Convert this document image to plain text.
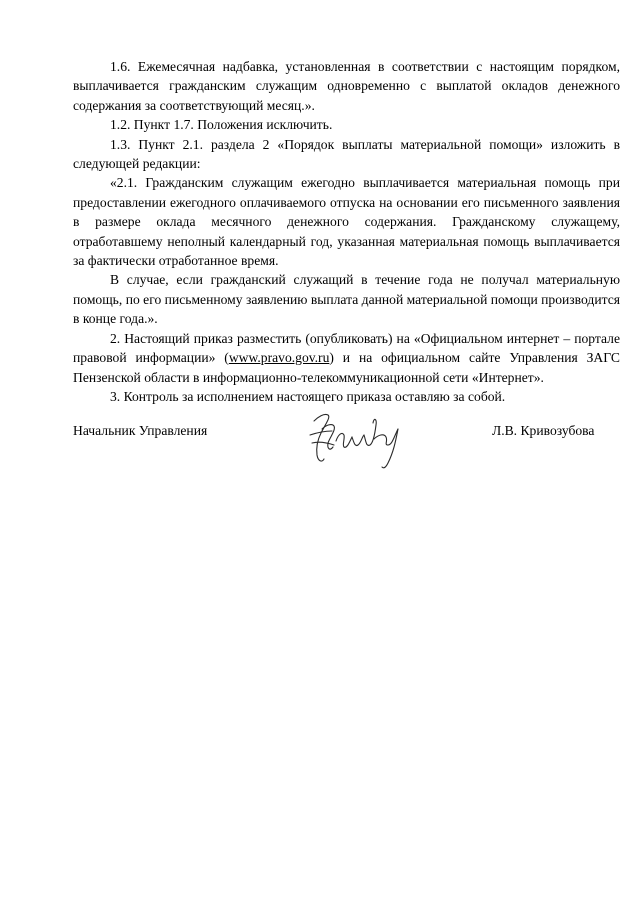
1.6. Ежемесячная надбавка, установленная в соответствии с настоящим порядком, выплачивается гражданским служащим одновременно с выплатой окладов денежного содержания за соответствующий месяц.».

1.2. Пункт 1.7. Положения исключить.

1.3. Пункт 2.1. раздела 2 «Порядок выплаты материальной помощи» изложить в следующей редакции:

«2.1. Гражданским служащим ежегодно выплачивается материальная помощь при предоставлении ежегодного оплачиваемого отпуска на основании его письменного заявления в размере оклада месячного денежного содержания. Гражданскому служащему, отработавшему неполный календарный год, указанная материальная помощь выплачивается за фактически отработанное время.

В случае, если гражданский служащий в течение года не получал материальную помощь, по его письменному заявлению выплата данной материальной помощи производится в конце года.».

2. Настоящий приказ разместить (опубликовать) на «Официальном интернет – портале правовой информации» (www.pravo.gov.ru) и на официальном сайте Управления ЗАГС Пензенской области в информационно-телекоммуникационной сети «Интернет».

3. Контроль за исполнением настоящего приказа оставляю за собой.

Начальник Управления	Л.В. Кривозубова
